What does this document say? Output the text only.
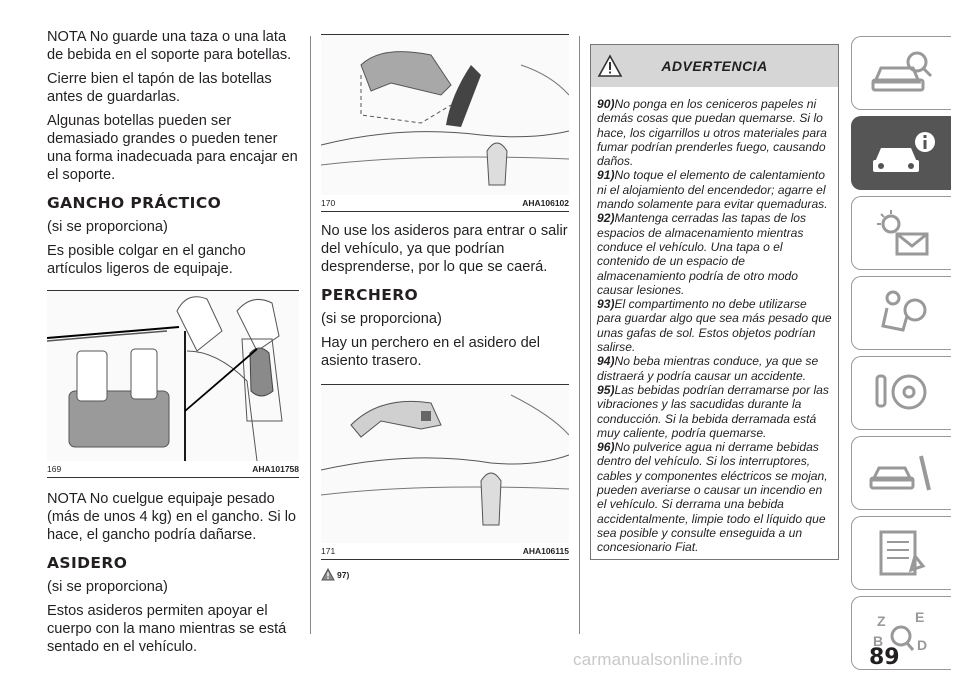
NOTA No guarde una taza o una lata de bebida en el soporte para botellas.
Cierre bien el tapón de las botellas antes de guardarlas.
Algunas botellas pueden ser demasiado grandes o pueden tener una forma inadecuada para encajar en el soporte.
GANCHO PRÁCTICO
(si se proporciona)
Es posible colgar en el gancho artículos ligeros de equipaje.
169	AHA101758
NOTA No cuelgue equipaje pesado (más de unos 4 kg) en el gancho. Si lo hace, el gancho podría dañarse.
ASIDERO
(si se proporciona)
Estos asideros permiten apoyar el cuerpo con la mano mientras se está sentado en el vehículo.
170	AHA106102
No use los asideros para entrar o salir del vehículo, ya que podrían desprenderse, por lo que se caerá.
PERCHERO
(si se proporciona)
Hay un perchero en el asidero del asiento trasero.
171	AHA106115
97)
ADVERTENCIA
90)No ponga en los ceniceros papeles ni demás cosas que puedan quemarse. Si lo hace, los cigarrillos u otros materiales para fumar podrían prenderles fuego, causando daños.
91)No toque el elemento de calentamiento ni el alojamiento del encendedor; agarre el mando solamente para evitar quemaduras.
92)Mantenga cerradas las tapas de los espacios de almacenamiento mientras conduce el vehículo. Una tapa o el contenido de un espacio de almacenamiento podría de otro modo causar lesiones.
93)El compartimento no debe utilizarse para guardar algo que sea más pesado que unas gafas de sol. Estos objetos podrían salirse.
94)No beba mientras conduce, ya que se distraerá y podría causar un accidente.
95)Las bebidas podrían derramarse por las vibraciones y las sacudidas durante la conducción. Si la bebida derramada está muy caliente, podría quemarse.
96)No pulverice agua ni derrame bebidas dentro del vehículo. Si los interruptores, cables y componentes eléctricos se mojan, pueden averiarse o causar un incendio en el vehículo. Si derrama una bebida accidentalmente, limpie todo el líquido que sea posible y consulte enseguida a un concesionario Fiat.
Z E
B D
89
carmanualsonline.info
